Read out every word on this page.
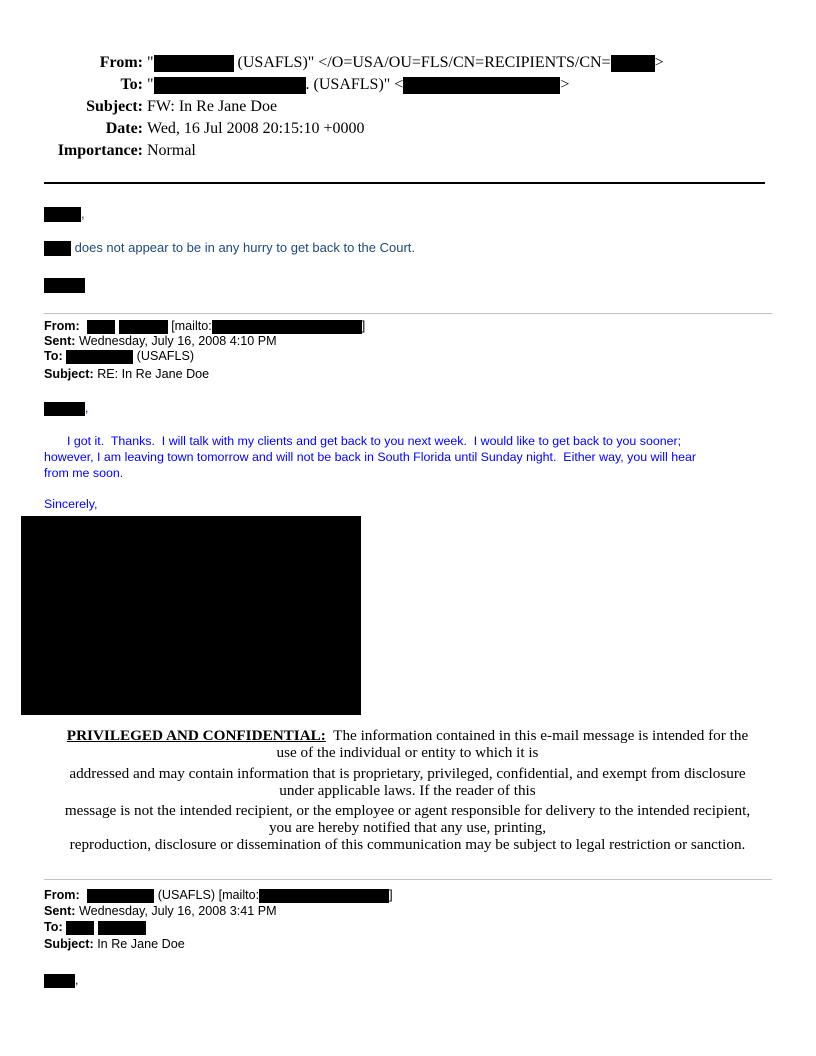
From: "	(USAFLS)" </O=USA/OU=FLS/CN=RECIPIENTS/CN=	>
To: "	. (USAFLS)" <	>
Subject: FW: In Re Jane Doe
Date: Wed, 16 Jul 2008 20:15:10 +0000
Importance: Normal
,
does not appear to be in any hurry to get back to the Court.
From:	[mailto:	]
Sent: Wednesday, July 16, 2008 4:10 PM
To:	(USAFLS)
Subject: RE: In Re Jane Doe
,
I got it.  Thanks.  I will talk with my clients and get back to you next week.  I would like to get back to you sooner;
however, I am leaving town tomorrow and will not be back in South Florida until Sunday night.  Either way, you will hear
from me soon.
Sincerely,
PRIVILEGED AND CONFIDENTIAL:  The information contained in this e-mail message is intended for the
use of the individual or entity to which it is
addressed and may contain information that is proprietary, privileged, confidential, and exempt from disclosure
under applicable laws. If the reader of this
message is not the intended recipient, or the employee or agent responsible for delivery to the intended recipient,
you are hereby notified that any use, printing,
reproduction, disclosure or dissemination of this communication may be subject to legal restriction or sanction.
From:	(USAFLS) [mailto:	]
Sent: Wednesday, July 16, 2008 3:41 PM
To:
Subject: In Re Jane Doe
,
